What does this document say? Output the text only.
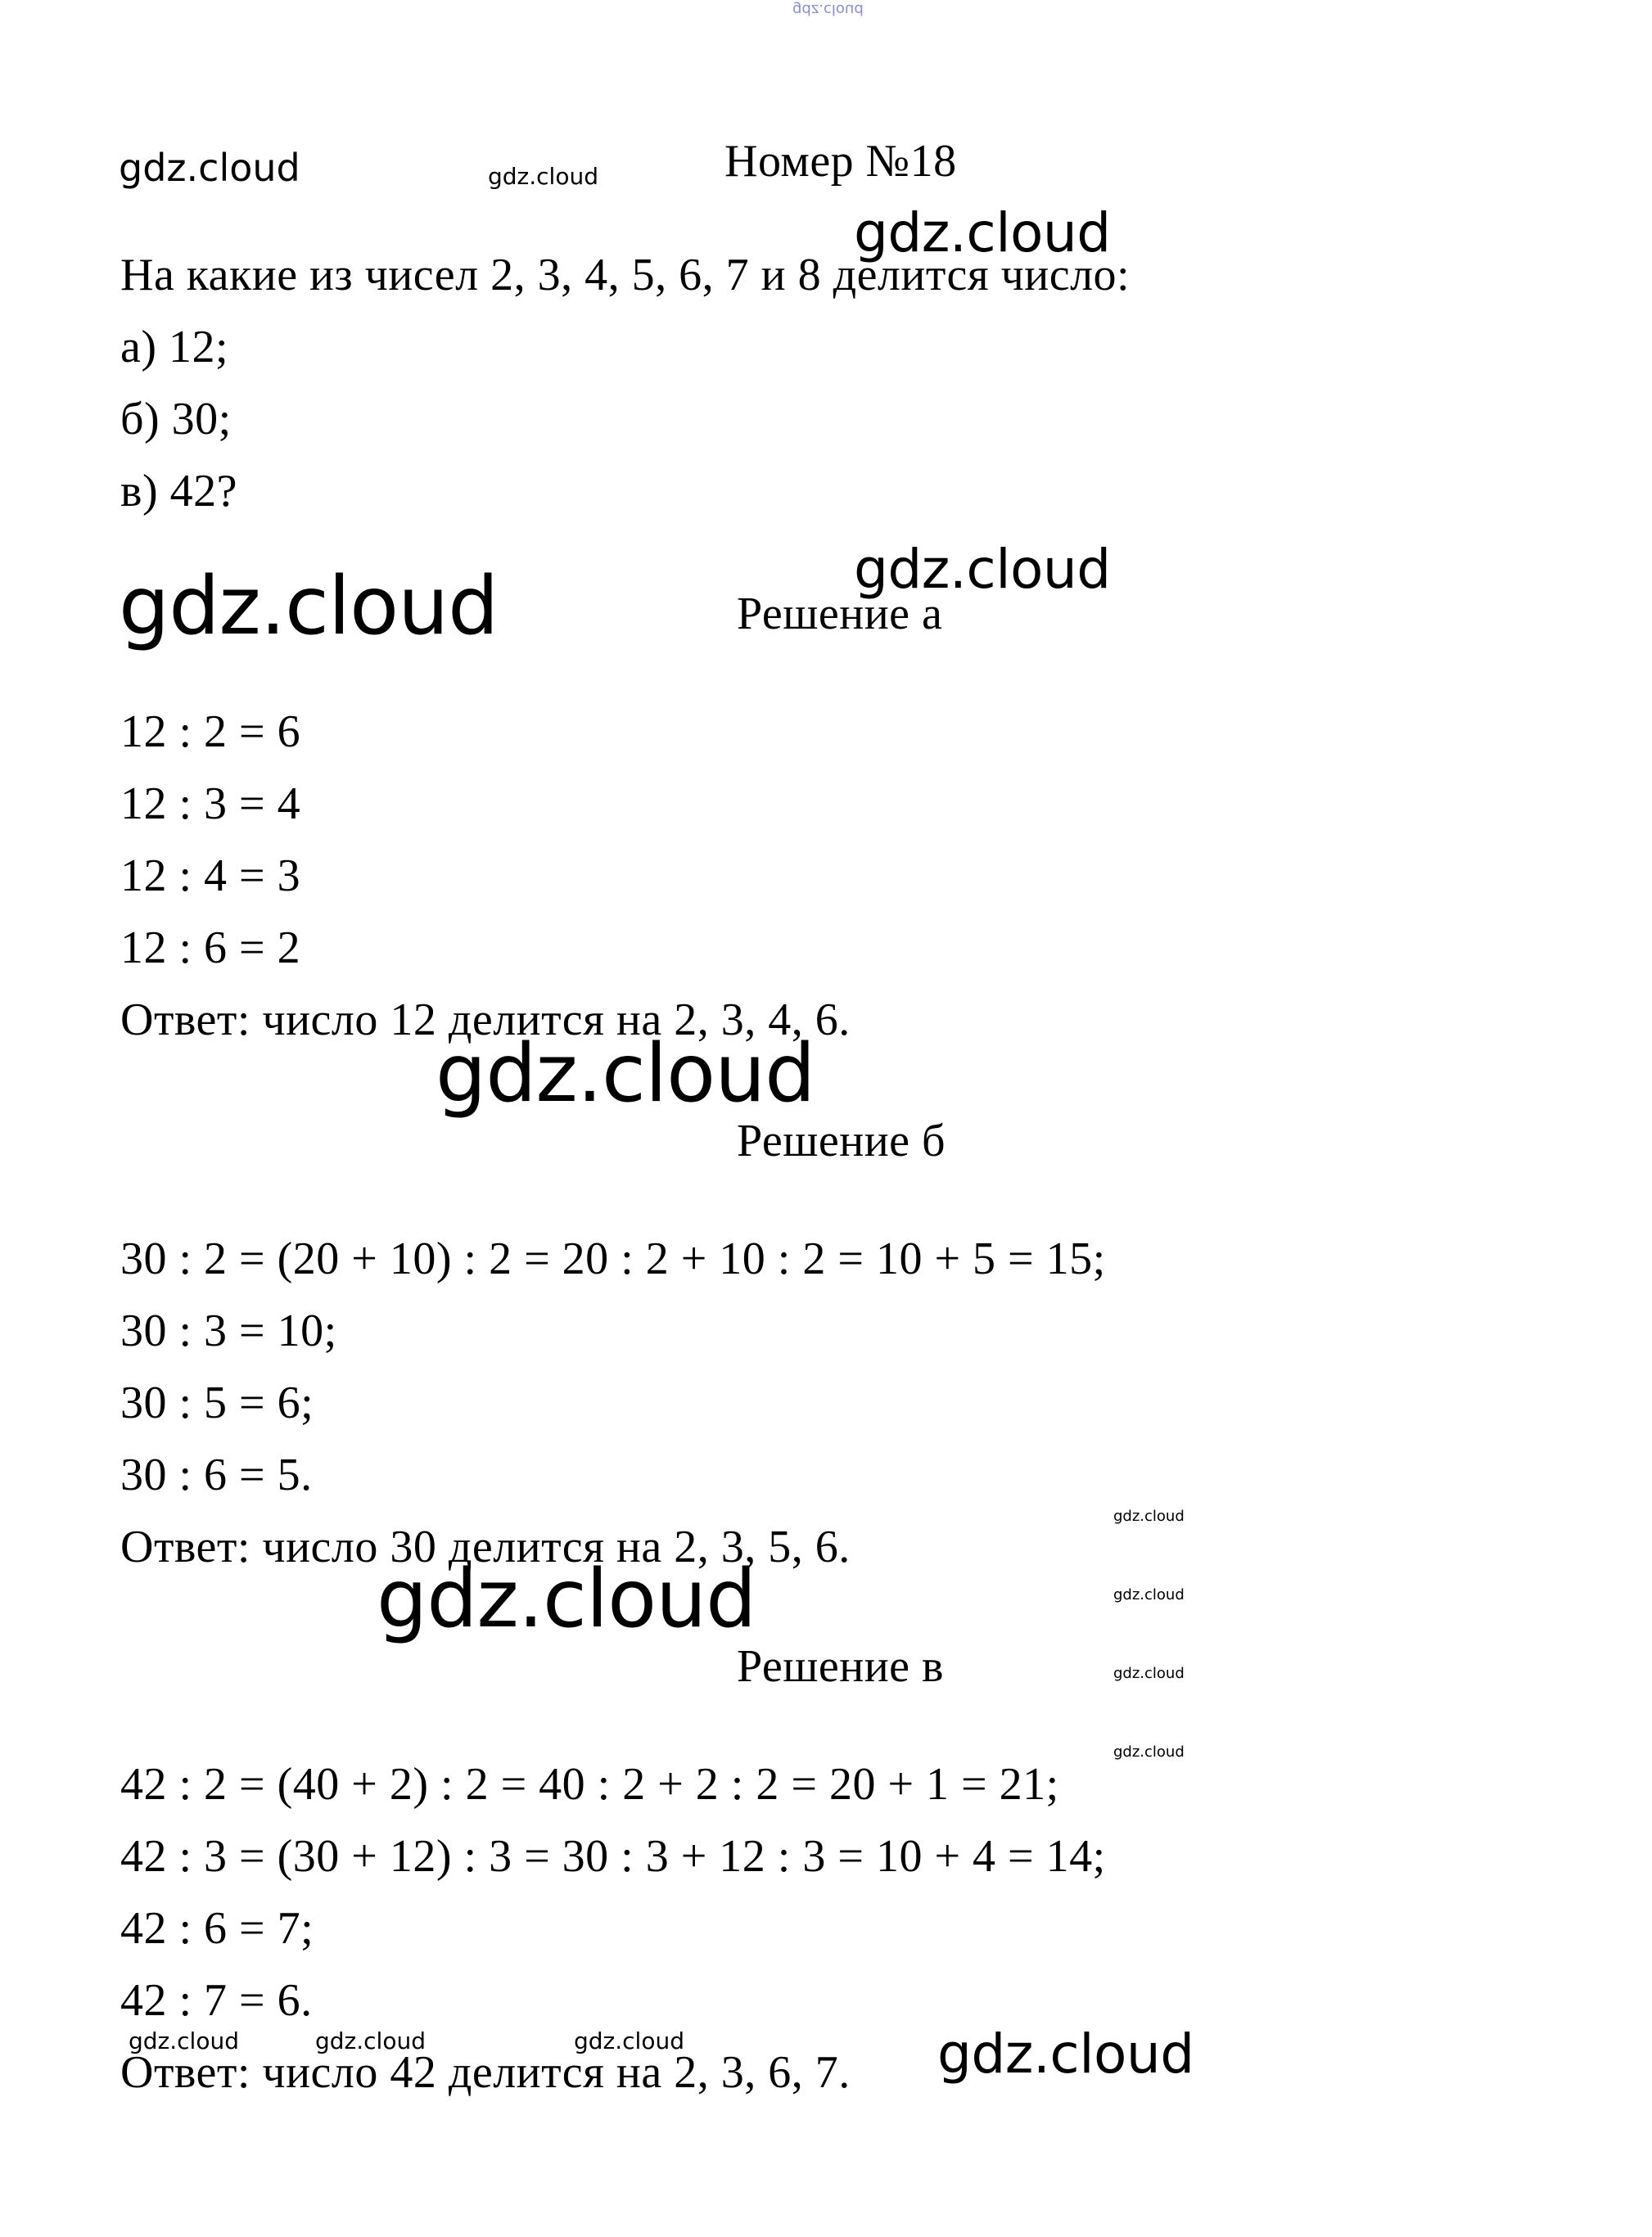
gdz.cloud
gdz.cloud	gdz.cloud
gdz.cloud
gdz.cloud	gdz.cloud
gdz.cloud
gdz.cloud
gdz.cloud
gdz.cloud
gdz.cloud
gdz.cloud
gdz.cloud	gdz.cloud	gdz.cloud	gdz.cloud
Номер №18
На какие из чисел 2, 3, 4, 5, 6, 7 и 8 делится число:
а) 12;
б) 30;
в) 42?
Решение а
12 : 2 = 6
12 : 3 = 4
12 : 4 = 3
12 : 6 = 2
Ответ: число 12 делится на 2, 3, 4, 6.
Решение б
30 : 2 = (20 + 10) : 2 = 20 : 2 + 10 : 2 = 10 + 5 = 15;
30 : 3 = 10;
30 : 5 = 6;
30 : 6 = 5.
Ответ: число 30 делится на 2, 3, 5, 6.
Решение в
42 : 2 = (40 + 2) : 2 = 40 : 2 + 2 : 2 = 20 + 1 = 21;
42 : 3 = (30 + 12) : 3 = 30 : 3 + 12 : 3 = 10 + 4 = 14;
42 : 6 = 7;
42 : 7 = 6.
Ответ: число 42 делится на 2, 3, 6, 7.
